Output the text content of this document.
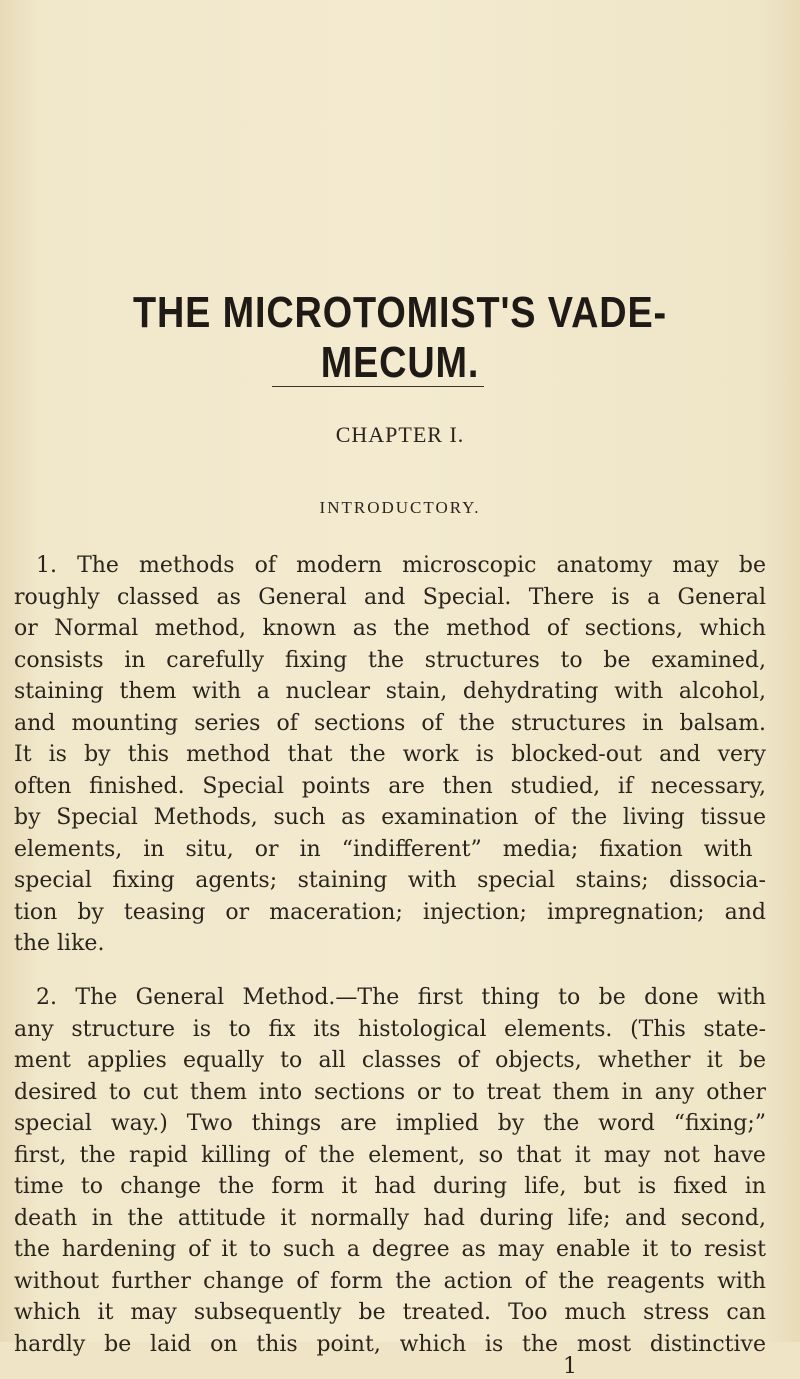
THE MICROTOMIST'S VADE-MECUM.
CHAPTER I.
INTRODUCTORY.
1. The methods of modern microscopic anatomy may be
roughly classed as General and Special. There is a General
or Normal method, known as the method of sections, which
consists in carefully fixing the structures to be examined,
staining them with a nuclear stain, dehydrating with alcohol,
and mounting series of sections of the structures in balsam.
It is by this method that the work is blocked-out and very
often finished. Special points are then studied, if necessary,
by Special Methods, such as examination of the living tissue
elements, in situ, or in “indifferent” media; fixation with
special fixing agents; staining with special stains; dissocia-
tion by teasing or maceration; injection; impregnation; and
the like.
2. The General Method.—The first thing to be done with
any structure is to fix its histological elements. (This state-
ment applies equally to all classes of objects, whether it be
desired to cut them into sections or to treat them in any other
special way.) Two things are implied by the word “fixing;”
first, the rapid killing of the element, so that it may not have
time to change the form it had during life, but is fixed in
death in the attitude it normally had during life; and second,
the hardening of it to such a degree as may enable it to resist
without further change of form the action of the reagents with
which it may subsequently be treated. Too much stress can
hardly be laid on this point, which is the most distinctive
1
